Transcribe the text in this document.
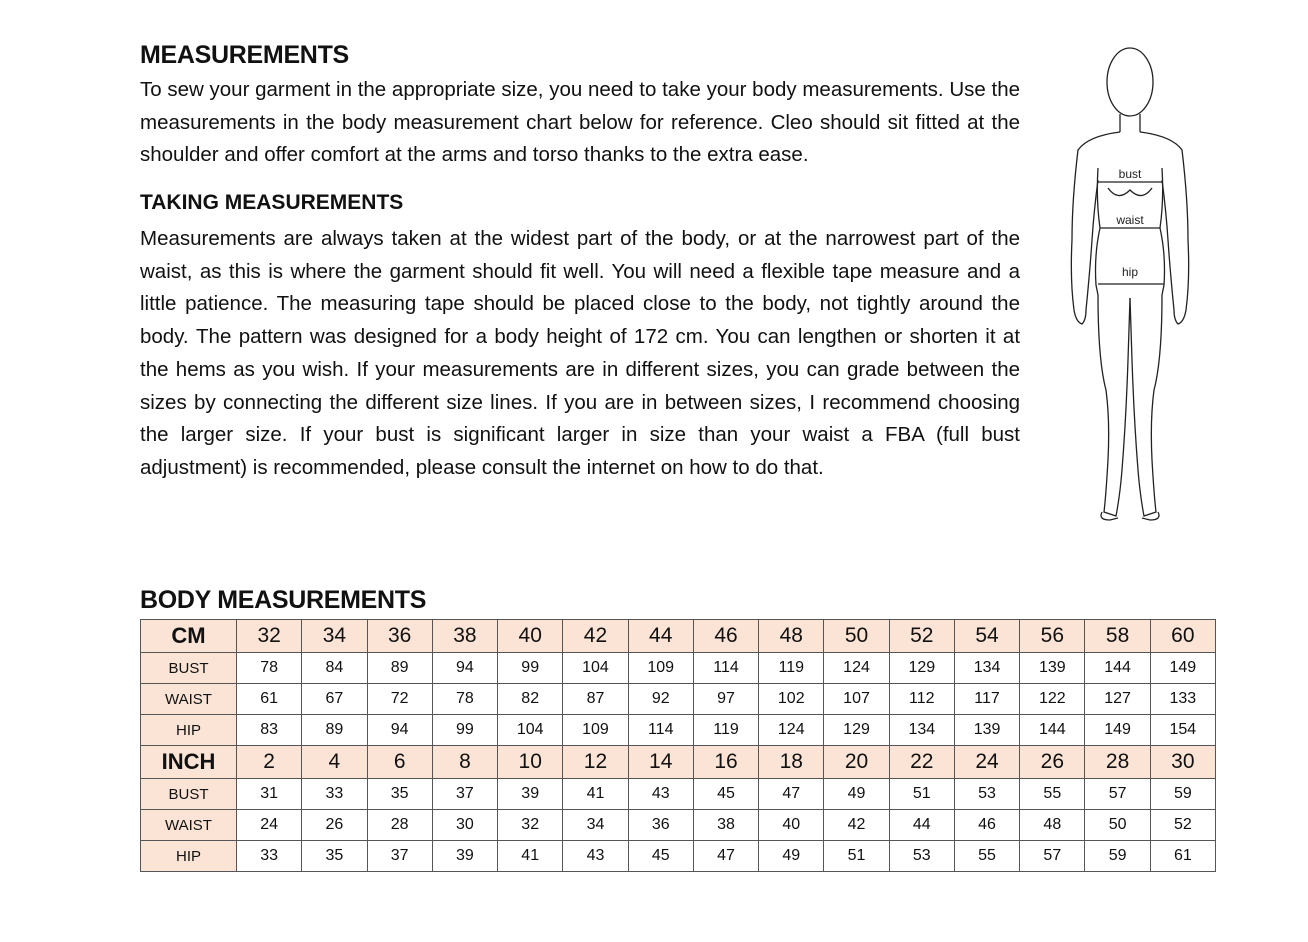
MEASUREMENTS

To sew your garment in the appropriate size, you need to take your body measurements. Use the measurements in the body measurement chart below for reference. Cleo should sit fitted at the shoulder and offer comfort at the arms and torso thanks to the extra ease.

TAKING MEASUREMENTS

Measurements are always taken at the widest part of the body, or at the narrowest part of the waist, as this is where the garment should fit well. You will need a flexible tape measure and a little patience. The measuring tape should be placed close to the body, not tightly around the body. The pattern was designed for a body height of 172 cm. You can lengthen or shorten it at the hems as you wish. If your measurements are in different sizes, you can grade between the sizes by connecting the different size lines. If you are in between sizes, I recommend choosing the larger size. If your bust is significant larger in size than your waist a FBA (full bust adjustment) is recommended, please consult the internet on how to do that.

bust
waist
hip
BODY MEASUREMENTS
CM	32	34	36	38	40	42	44	46	48	50	52	54	56	58	60
BUST	78	84	89	94	99	104	109	114	119	124	129	134	139	144	149
WAIST	61	67	72	78	82	87	92	97	102	107	112	117	122	127	133
HIP	83	89	94	99	104	109	114	119	124	129	134	139	144	149	154
INCH	2	4	6	8	10	12	14	16	18	20	22	24	26	28	30
BUST	31	33	35	37	39	41	43	45	47	49	51	53	55	57	59
WAIST	24	26	28	30	32	34	36	38	40	42	44	46	48	50	52
HIP	33	35	37	39	41	43	45	47	49	51	53	55	57	59	61
